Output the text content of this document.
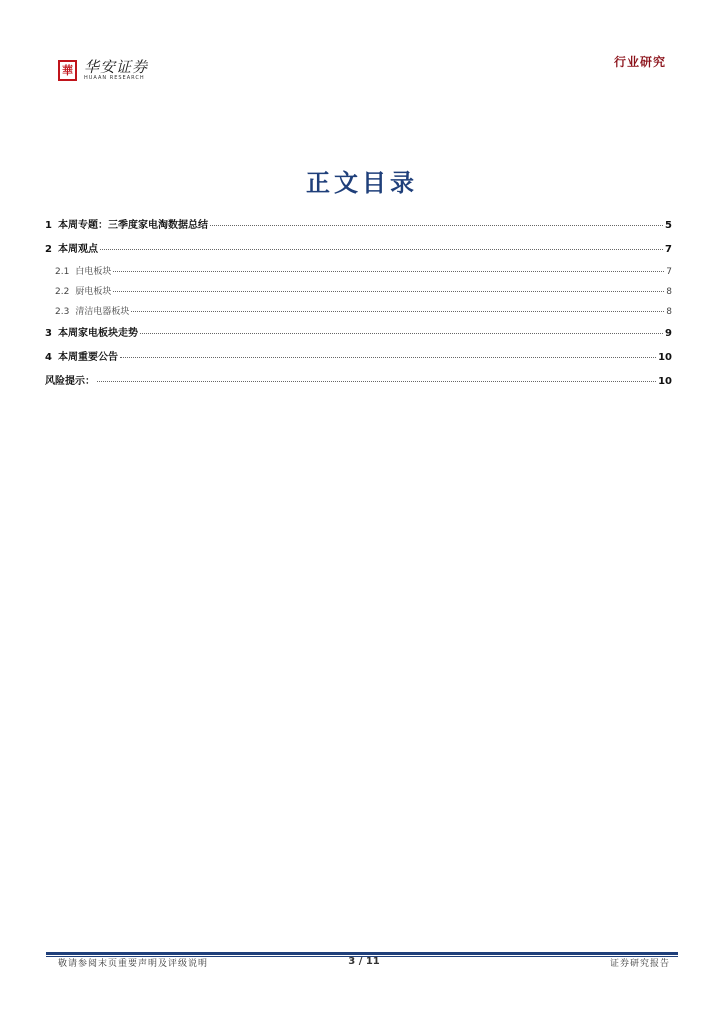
華 华安证券
HUAAN RESEARCH
行业研究
正文目录
1 本周专题：三季度家电淘数据总结	5
2 本周观点	7
2.1 白电板块	7
2.2 厨电板块	8
2.3 清洁电器板块	8
3 本周家电板块走势	9
4 本周重要公告	10
风险提示：	10
敬请参阅末页重要声明及评级说明	3 / 11	证券研究报告
